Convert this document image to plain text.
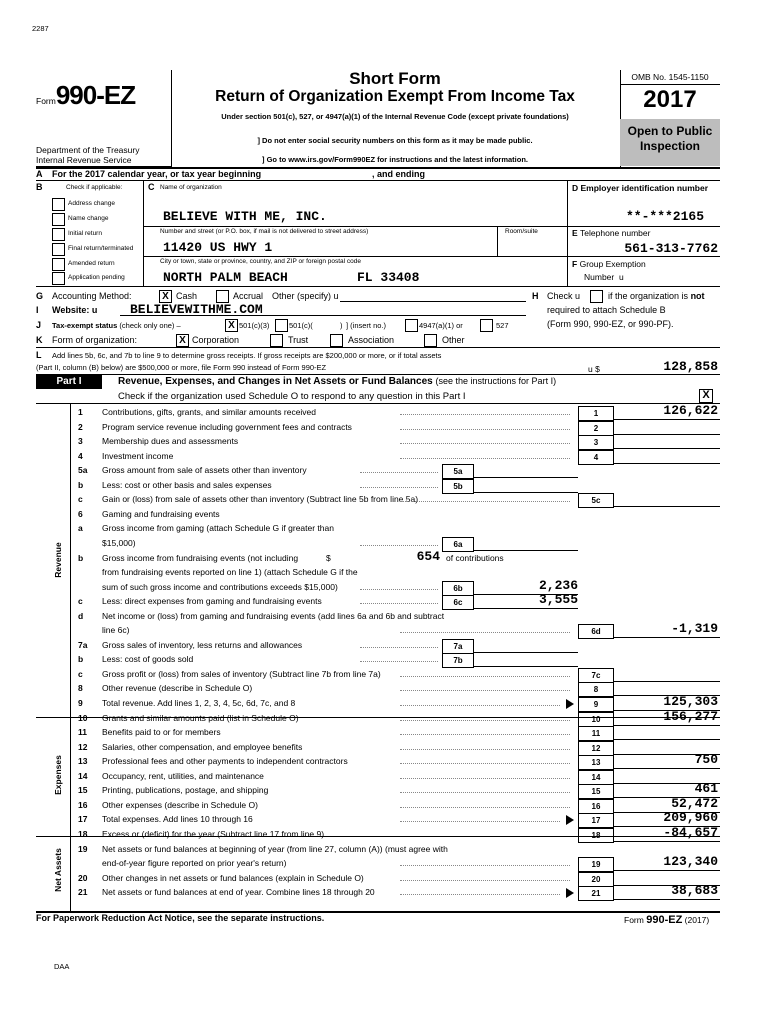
2287
Form990-EZ
Department of the Treasury
Internal Revenue Service
Short Form
Return of Organization Exempt From Income Tax
Under section 501(c), 527, or 4947(a)(1) of the Internal Revenue Code (except private foundations)
] Do not enter social security numbers on this form as it may be made public.
] Go to www.irs.gov/Form990EZ for instructions and the latest information.
OMB No. 1545-1150
2017
Open to Public Inspection
A For the 2017 calendar year, or tax year beginning	, and ending
B	Check if applicable:
Address change
Name change
Initial return
Final return/terminated
Amended return
Application pending
C Name of organization
BELIEVE WITH ME, INC.
Number and street (or P.O. box, if mail is not delivered to street address)	Room/suite
11420 US HWY 1
City or town, state or province, country, and ZIP or foreign postal code
NORTH PALM BEACH	FL 33408
D Employer identification number
**-***2165
E Telephone number
561-313-7762
F Group Exemption
Number u
G Accounting Method:	X Cash	Accrual Other (specify) u	H Check u	if the organization is not
required to attach Schedule B
(Form 990, 990-EZ, or 990-PF).
I Website: u	BELIEVEWITHME.COM
J Tax-exempt status (check only one) –	X 501(c)(3)	501(c)(	) ] (insert no.)	4947(a)(1) or	527
K Form of organization:	X Corporation	Trust	Association	Other
L Add lines 5b, 6c, and 7b to line 9 to determine gross receipts. If gross receipts are $200,000 or more, or if total assets
(Part II, column (B) below) are $500,000 or more, file Form 990 instead of Form 990-EZ	u $	128,858
Part I	Revenue, Expenses, and Changes in Net Assets or Fund Balances (see the instructions for Part I)
Check if the organization used Schedule O to respond to any question in this Part I	X
1	Contributions, gifts, grants, and similar amounts received	1	126,622
2	Program service revenue including government fees and contracts	2
3	Membership dues and assessments	3
4	Investment income	4
5a	Gross amount from sale of assets other than inventory	5a
b	Less: cost or other basis and sales expenses	5b
c	Gain or (loss) from sale of assets other than inventory (Subtract line 5b from line 5a)	5c
6	Gaming and fundraising events
a	Gross income from gaming (attach Schedule G if greater than
$15,000)	6a
b	Gross income from fundraising events (not including	$	654 of contributions
from fundraising events reported on line 1) (attach Schedule G if the
sum of such gross income and contributions exceeds $15,000)	6b	2,236
c	Less: direct expenses from gaming and fundraising events	6c	3,555
d	Net income or (loss) from gaming and fundraising events (add lines 6a and 6b and subtract
line 6c)	6d	-1,319
7a	Gross sales of inventory, less returns and allowances	7a
b	Less: cost of goods sold	7b
c	Gross profit or (loss) from sales of inventory (Subtract line 7b from line 7a)	7c
8	Other revenue (describe in Schedule O)	8
9	Total revenue. Add lines 1, 2, 3, 4, 5c, 6d, 7c, and 8	9	125,303
10	Grants and similar amounts paid (list in Schedule O)	10	156,277
11	Benefits paid to or for members	11
12	Salaries, other compensation, and employee benefits	12
13	Professional fees and other payments to independent contractors	13	750
14	Occupancy, rent, utilities, and maintenance	14
15	Printing, publications, postage, and shipping	15	461
16	Other expenses (describe in Schedule O)	16	52,472
17	Total expenses. Add lines 10 through 16	17	209,960
18	Excess or (deficit) for the year (Subtract line 17 from line 9)	18	-84,657
19	Net assets or fund balances at beginning of year (from line 27, column (A)) (must agree with
end-of-year figure reported on prior year's return)	19	123,340
20	Other changes in net assets or fund balances (explain in Schedule O)	20
21	Net assets or fund balances at end of year. Combine lines 18 through 20	21	38,683
Revenue
Expenses
Net Assets
For Paperwork Reduction Act Notice, see the separate instructions.	Form 990-EZ (2017)
DAA
